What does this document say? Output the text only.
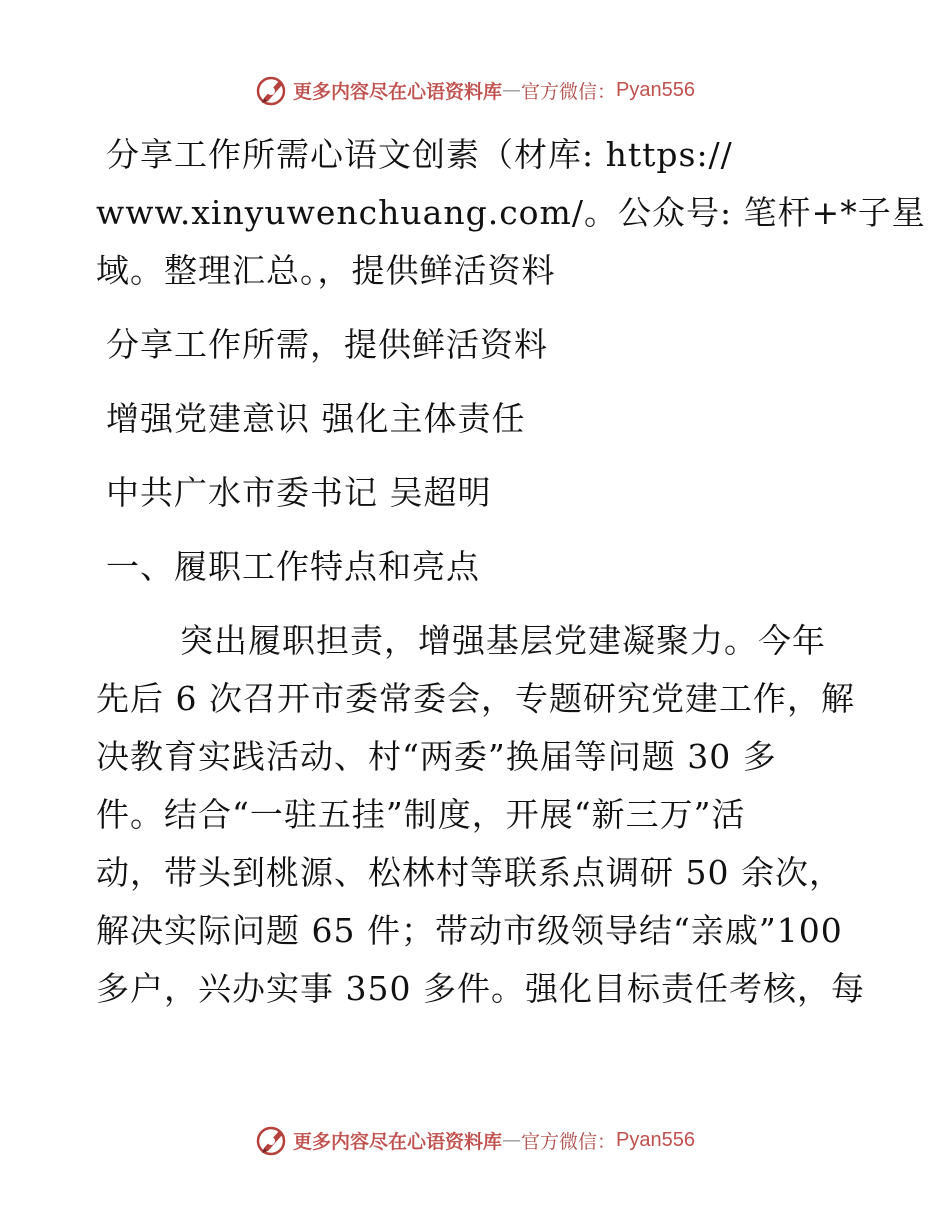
更多内容尽在心语资料库 — 官方微信： Pyan556
分享工作所需心语文创素（材库: https://
www.xinyuwenchuang.com/。公众号: 笔杆+*子星
域。整理汇总。，提供鲜活资料
分享工作所需，提供鲜活资料
增强党建意识 强化主体责任
中共广水市委书记 吴超明
一、履职工作特点和亮点
突出履职担责，增强基层党建凝聚力。今年
先后 6 次召开市委常委会，专题研究党建工作，解
决教育实践活动、村“两委”换届等问题 30 多
件。结合“一驻五挂”制度，开展“新三万”活
动，带头到桃源、松林村等联系点调研 50 余次，
解决实际问题 65 件；带动市级领导结“亲戚”100
多户，兴办实事 350 多件。强化目标责任考核，每
更多内容尽在心语资料库 — 官方微信： Pyan556
